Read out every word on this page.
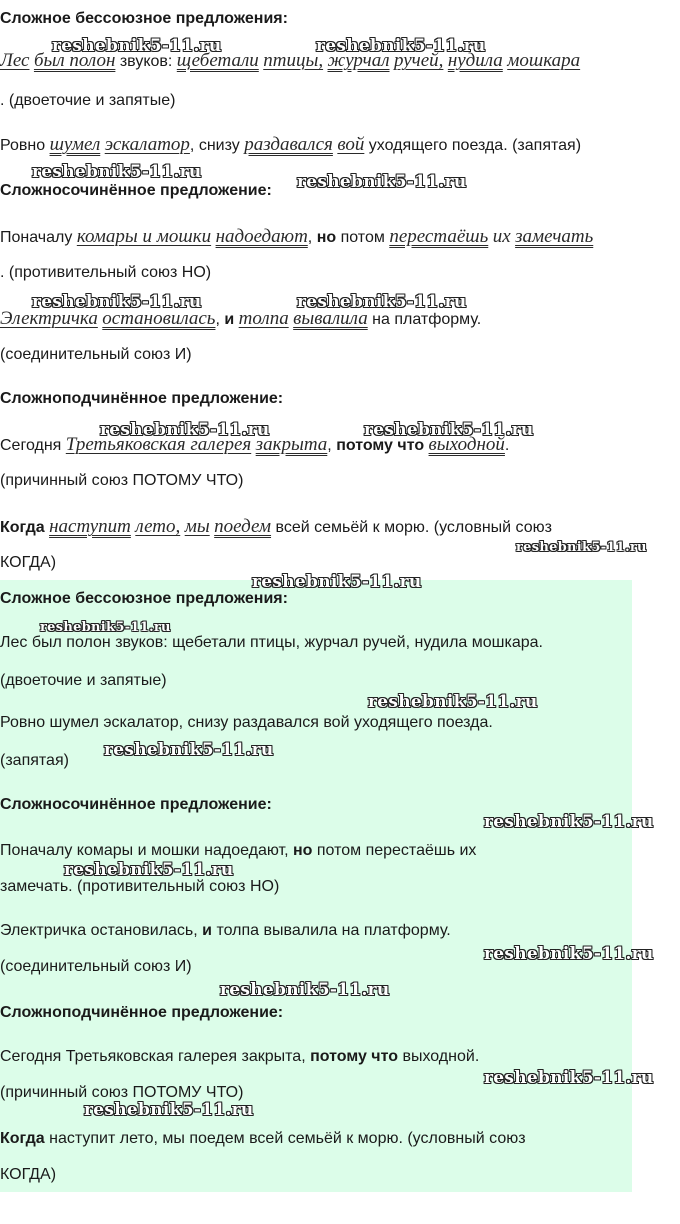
reshebnik5-11.ru	reshebnik5-11.ru
reshebnik5-11.ru	reshebnik5-11.ru
reshebnik5-11.ru	reshebnik5-11.ru
reshebnik5-11.ru	reshebnik5-11.ru
reshebnik5-11.ru
Сложное бессоюзное предложения:
Лес был полон звуков: щебетали птицы, журчал ручей, нудила мошкара
. (двоеточие и запятые)
Ровно шумел эскалатор, снизу раздавался вой уходящего поезда. (запятая)
Сложносочинённое предложение:
Поначалу комары и мошки надоедают, но потом перестаёшь их замечать
. (противительный союз НО)
Электричка остановилась, и толпа вывалила на платформу.
(соединительный союз И)
Сложноподчинённое предложение:
Сегодня Третьяковская галерея закрыта, потому что выходной.
(причинный союз ПОТОМУ ЧТО)
Когда наступит лето, мы поедем всей семьёй к морю. (условный союз
КОГДА)
Сложное бессоюзное предложения:
Лес был полон звуков: щебетали птицы, журчал ручей, нудила мошкара.
(двоеточие и запятые)
Ровно шумел эскалатор, снизу раздавался вой уходящего поезда.
(запятая)
Сложносочинённое предложение:
Поначалу комары и мошки надоедают, но потом перестаёшь их
замечать. (противительный союз НО)
Электричка остановилась, и толпа вывалила на платформу.
(соединительный союз И)
Сложноподчинённое предложение:
Сегодня Третьяковская галерея закрыта, потому что выходной.
(причинный союз ПОТОМУ ЧТО)
Когда наступит лето, мы поедем всей семьёй к морю. (условный союз
КОГДА)
reshebnik5-11.ru
reshebnik5-11.ru
reshebnik5-11.ru
reshebnik5-11.ru
reshebnik5-11.ru
reshebnik5-11.ru
reshebnik5-11.ru
reshebnik5-11.ru
reshebnik5-11.ru
reshebnik5-11.ru
